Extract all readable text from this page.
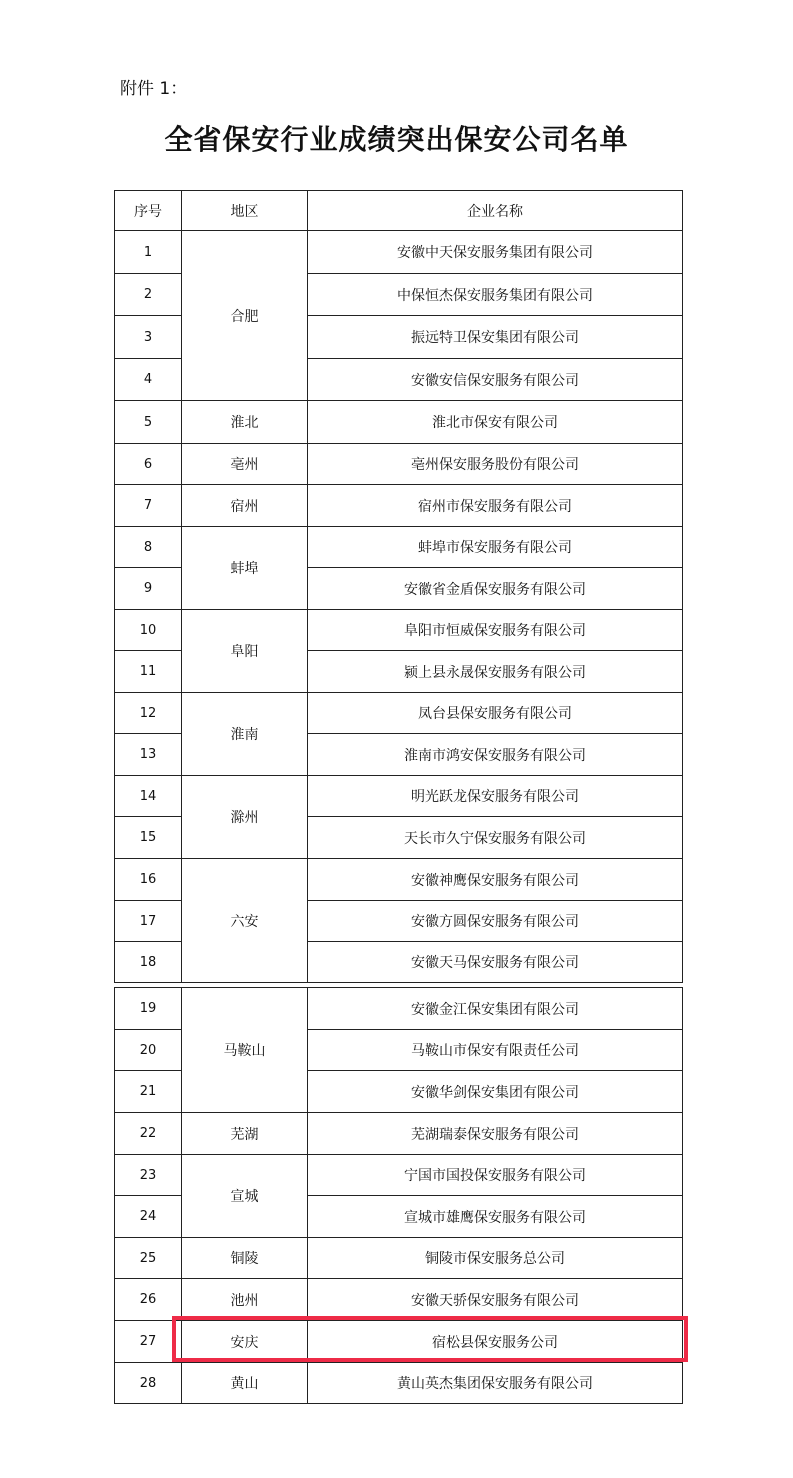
附件 1：
全省保安行业成绩突出保安公司名单
序号	地区	企业名称
1	合肥	安徽中天保安服务集团有限公司
2		中保恒杰保安服务集团有限公司
3		振远特卫保安集团有限公司
4		安徽安信保安服务有限公司
5	淮北	淮北市保安有限公司
6	亳州	亳州保安服务股份有限公司
7	宿州	宿州市保安服务有限公司
8	蚌埠	蚌埠市保安服务有限公司
9		安徽省金盾保安服务有限公司
10	阜阳	阜阳市恒威保安服务有限公司
11		颍上县永晟保安服务有限公司
12	淮南	凤台县保安服务有限公司
13		淮南市鸿安保安服务有限公司
14	滁州	明光跃龙保安服务有限公司
15		天长市久宁保安服务有限公司
16	六安	安徽神鹰保安服务有限公司
17		安徽方圆保安服务有限公司
18		安徽天马保安服务有限公司
19	马鞍山	安徽金江保安集团有限公司
20		马鞍山市保安有限责任公司
21		安徽华剑保安集团有限公司
22	芜湖	芜湖瑞泰保安服务有限公司
23	宣城	宁国市国投保安服务有限公司
24		宣城市雄鹰保安服务有限公司
25	铜陵	铜陵市保安服务总公司
26	池州	安徽天骄保安服务有限公司
27	安庆	宿松县保安服务公司
28	黄山	黄山英杰集团保安服务有限公司
